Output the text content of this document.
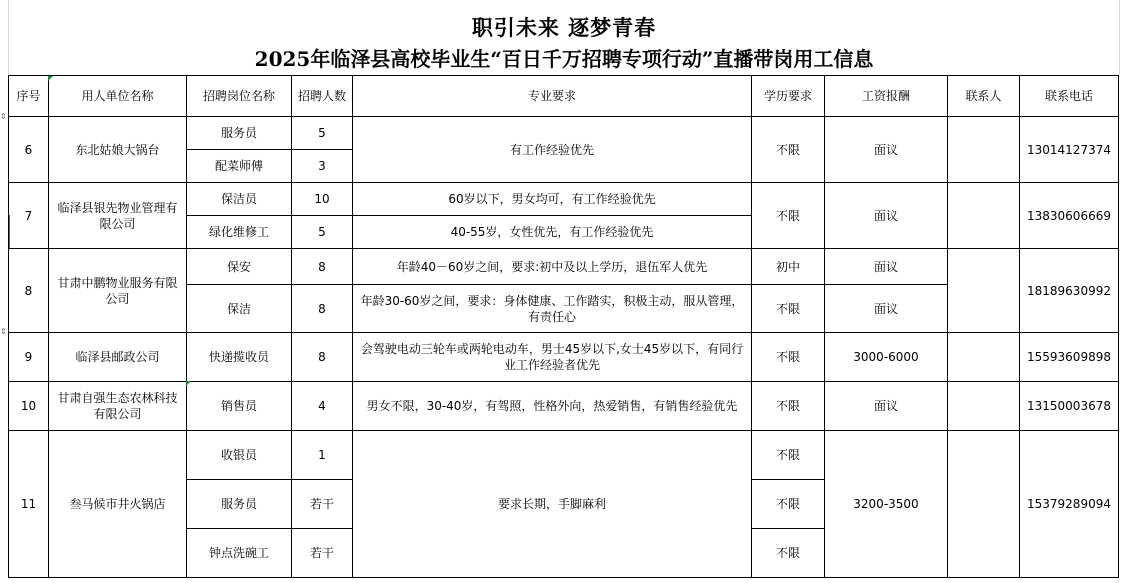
⇕
⇕
职引未来 逐梦青春
2025年临泽县高校毕业生“百日千万招聘专项行动”直播带岗用工信息
序号	用人单位名称	招聘岗位名称	招聘人数	专业要求	学历要求	工资报酬	联系人	联系电话
6	东北姑娘大锅台	服务员	5	有工作经验优先	不限	面议		13014127374
		配菜师傅	3					
7	临泽县银先物业管理有限公司	保洁员	10	60岁以下，男女均可，有工作经验优先	不限	面议		13830606669
		绿化维修工	5	40-55岁，女性优先，有工作经验优先				
8	甘肃中鹏物业服务有限公司	保安	8	年龄40－60岁之间，要求:初中及以上学历，退伍军人优先	初中	面议		18189630992
		保洁	8	年龄30-60岁之间，要求：身体健康、工作踏实，积极主动，服从管理，有责任心	不限	面议		
9	临泽县邮政公司	快递揽收员	8	会驾驶电动三轮车或两轮电动车，男士45岁以下,女士45岁以下，有同行业工作经验者优先	不限	3000-6000		15593609898
10	甘肃自强生态农林科技有限公司	销售员	4	男女不限，30-40岁，有驾照，性格外向，热爱销售，有销售经验优先	不限	面议		13150003678
11	叁马候市井火锅店	收银员	1	要求长期，手脚麻利	不限	3200-3500		15379289094
		服务员	若干		不限			
		钟点洗碗工	若干		不限			
